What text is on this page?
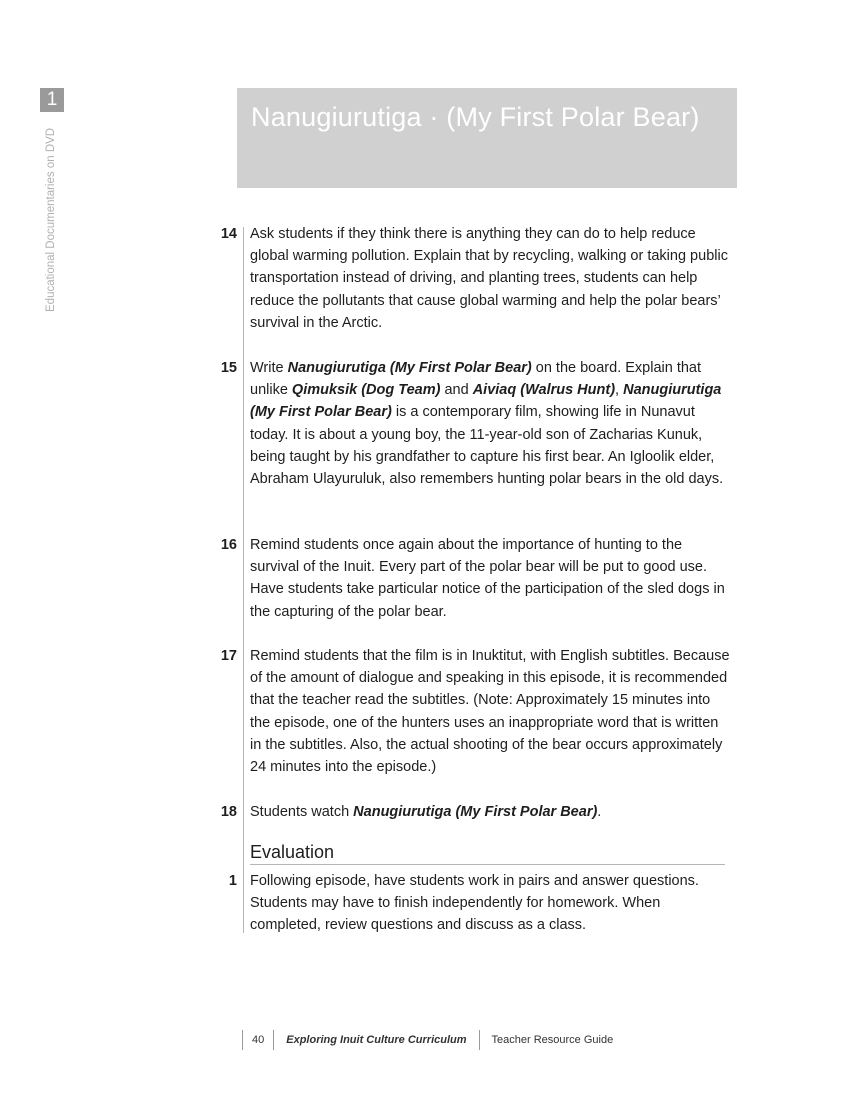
1
Educational Documentaries on DVD
Nanugiurutiga · (My First Polar Bear)
14 Ask students if they think there is anything they can do to help reduce global warming pollution. Explain that by recycling, walking or taking public transportation instead of driving, and planting trees, students can help reduce the pollutants that cause global warming and help the polar bears’ survival in the Arctic.
15 Write Nanugiurutiga (My First Polar Bear) on the board. Explain that unlike Qimuksik (Dog Team) and Aiviaq (Walrus Hunt), Nanugiurutiga (My First Polar Bear) is a contemporary film, showing life in Nunavut today. It is about a young boy, the 11-year-old son of Zacharias Kunuk, being taught by his grandfather to capture his first bear. An Igloolik elder, Abraham Ulayuruluk, also remembers hunting polar bears in the old days.
16 Remind students once again about the importance of hunting to the survival of the Inuit. Every part of the polar bear will be put to good use. Have students take particular notice of the participation of the sled dogs in the capturing of the polar bear.
17 Remind students that the film is in Inuktitut, with English subtitles. Because of the amount of dialogue and speaking in this episode, it is recommended that the teacher read the subtitles. (Note: Approximately 15 minutes into the episode, one of the hunters uses an inappropriate word that is written in the subtitles. Also, the actual shooting of the bear occurs approximately 24 minutes into the episode.)
18 Students watch Nanugiurutiga (My First Polar Bear).
Evaluation
1 Following episode, have students work in pairs and answer questions. Students may have to finish independently for homework. When completed, review questions and discuss as a class.
40	Exploring Inuit Culture Curriculum	Teacher Resource Guide
